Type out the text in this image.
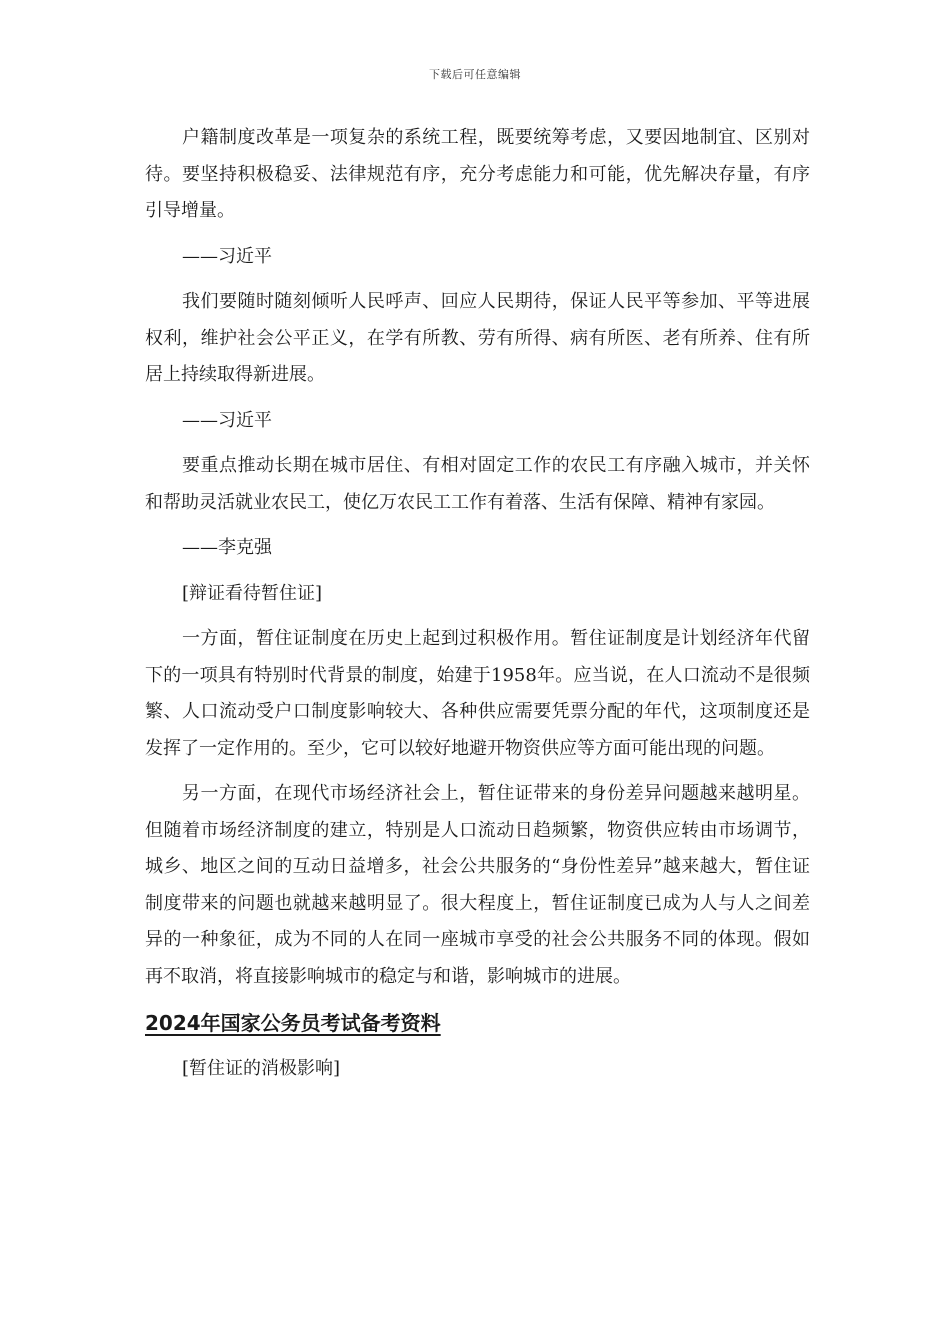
下载后可任意编辑

户籍制度改革是一项复杂的系统工程，既要统筹考虑，又要因地制宜、区别对待。要坚持积极稳妥、法律规范有序，充分考虑能力和可能，优先解决存量，有序引导增量。

——习近平

我们要随时随刻倾听人民呼声、回应人民期待，保证人民平等参加、平等进展权利，维护社会公平正义，在学有所教、劳有所得、病有所医、老有所养、住有所居上持续取得新进展。

——习近平

要重点推动长期在城市居住、有相对固定工作的农民工有序融入城市，并关怀和帮助灵活就业农民工，使亿万农民工工作有着落、生活有保障、精神有家园。

——李克强

[辩证看待暂住证]

一方面，暂住证制度在历史上起到过积极作用。暂住证制度是计划经济年代留下的一项具有特别时代背景的制度，始建于1958年。应当说，在人口流动不是很频繁、人口流动受户口制度影响较大、各种供应需要凭票分配的年代，这项制度还是发挥了一定作用的。至少，它可以较好地避开物资供应等方面可能出现的问题。

另一方面，在现代市场经济社会上，暂住证带来的身份差异问题越来越明星。但随着市场经济制度的建立，特别是人口流动日趋频繁，物资供应转由市场调节，城乡、地区之间的互动日益增多，社会公共服务的“身份性差异”越来越大，暂住证制度带来的问题也就越来越明显了。很大程度上，暂住证制度已成为人与人之间差异的一种象征，成为不同的人在同一座城市享受的社会公共服务不同的体现。假如再不取消，将直接影响城市的稳定与和谐，影响城市的进展。

2024年国家公务员考试备考资料

[暂住证的消极影响]
